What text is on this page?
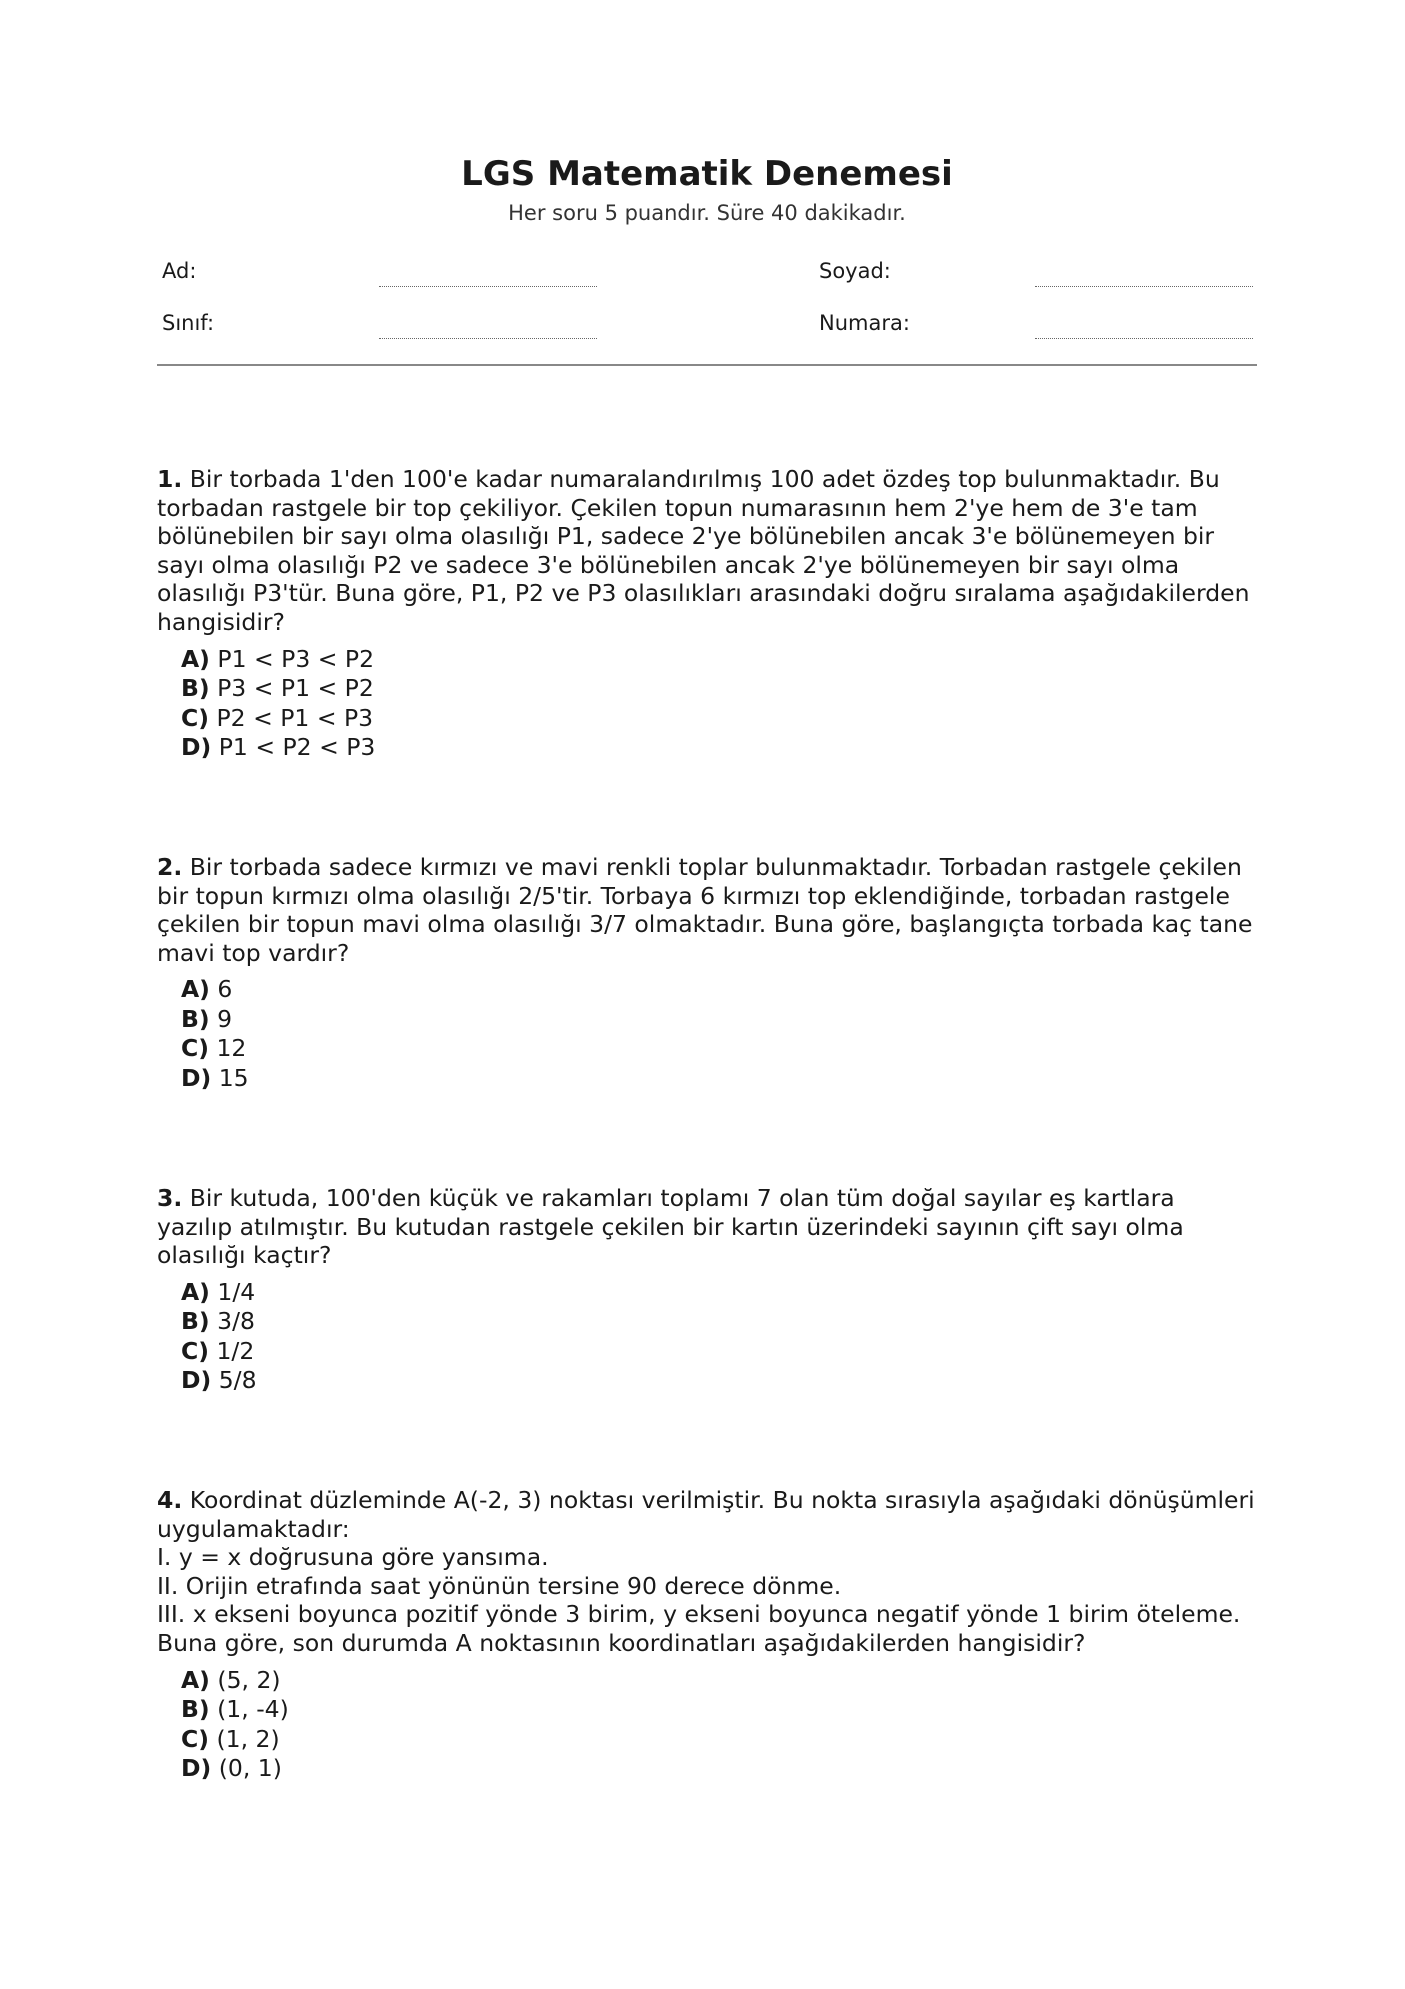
LGS Matematik Denemesi
Her soru 5 puandır. Süre 40 dakikadır.
Ad:	Soyad:
Sınıf:	Numara:

1. Bir torbada 1'den 100'e kadar numaralandırılmış 100 adet özdeş top bulunmaktadır. Bu torbadan rastgele bir top çekiliyor. Çekilen topun numarasının hem 2'ye hem de 3'e tam bölünebilen bir sayı olma olasılığı P1, sadece 2'ye bölünebilen ancak 3'e bölünemeyen bir sayı olma olasılığı P2 ve sadece 3'e bölünebilen ancak 2'ye bölünemeyen bir sayı olma olasılığı P3'tür. Buna göre, P1, P2 ve P3 olasılıkları arasındaki doğru sıralama aşağıdakilerden hangisidir?

A) P1 < P3 < P2
B) P3 < P1 < P2
C) P2 < P1 < P3
D) P1 < P2 < P3

2. Bir torbada sadece kırmızı ve mavi renkli toplar bulunmaktadır. Torbadan rastgele çekilen bir topun kırmızı olma olasılığı 2/5'tir. Torbaya 6 kırmızı top eklendiğinde, torbadan rastgele çekilen bir topun mavi olma olasılığı 3/7 olmaktadır. Buna göre, başlangıçta torbada kaç tane mavi top vardır?

A) 6
B) 9
C) 12
D) 15

3. Bir kutuda, 100'den küçük ve rakamları toplamı 7 olan tüm doğal sayılar eş kartlara yazılıp atılmıştır. Bu kutudan rastgele çekilen bir kartın üzerindeki sayının çift sayı olma olasılığı kaçtır?

A) 1/4
B) 3/8
C) 1/2
D) 5/8

4. Koordinat düzleminde A(-2, 3) noktası verilmiştir. Bu nokta sırasıyla aşağıdaki dönüşümleri uygulamaktadır:
I. y = x doğrusuna göre yansıma.
II. Orijin etrafında saat yönünün tersine 90 derece dönme.
III. x ekseni boyunca pozitif yönde 3 birim, y ekseni boyunca negatif yönde 1 birim öteleme.
Buna göre, son durumda A noktasının koordinatları aşağıdakilerden hangisidir?

A) (5, 2)
B) (1, -4)
C) (1, 2)
D) (0, 1)
